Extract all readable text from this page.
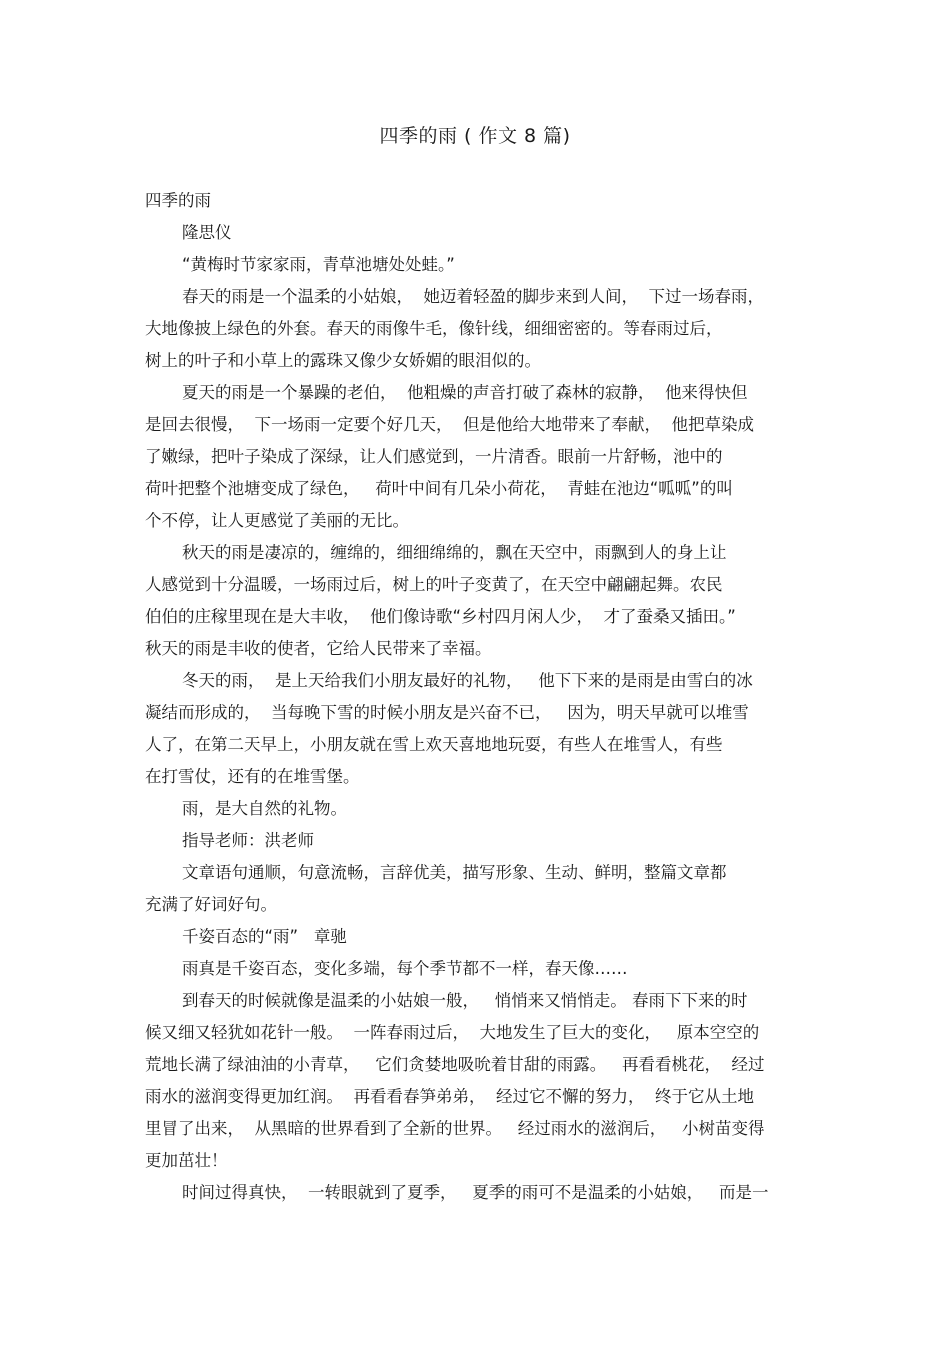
四季的雨 ( 作文 8 篇)
四季的雨
隆思仪
“黄梅时节家家雨，青草池塘处处蛙。”
春天的雨是一个温柔的小姑娘，  她迈着轻盈的脚步来到人间，  下过一场春雨，
大地像披上绿色的外套。春天的雨像牛毛，像针线，细细密密的。等春雨过后，
树上的叶子和小草上的露珠又像少女娇媚的眼泪似的。
夏天的雨是一个暴躁的老伯，  他粗燥的声音打破了森林的寂静，  他来得快但
是回去很慢，  下一场雨一定要个好几天，  但是他给大地带来了奉献，  他把草染成
了嫩绿，把叶子染成了深绿，让人们感觉到，一片清香。眼前一片舒畅，池中的
荷叶把整个池塘变成了绿色，   荷叶中间有几朵小荷花，  青蛙在池边“呱呱”的叫
个不停，让人更感觉了美丽的无比。
秋天的雨是凄凉的，缠绵的，细细绵绵的，飘在天空中，雨飘到人的身上让
人感觉到十分温暖，一场雨过后，树上的叶子变黄了，在天空中翩翩起舞。农民
伯伯的庄稼里现在是大丰收，  他们像诗歌“乡村四月闲人少，  才了蚕桑又插田。”
秋天的雨是丰收的使者，它给人民带来了幸福。
冬天的雨，  是上天给我们小朋友最好的礼物，   他下下来的是雨是由雪白的冰
凝结而形成的，  当每晚下雪的时候小朋友是兴奋不已，   因为，明天早就可以堆雪
人了，在第二天早上，小朋友就在雪上欢天喜地地玩耍，有些人在堆雪人，有些
在打雪仗，还有的在堆雪堡。
雨，是大自然的礼物。
指导老师：洪老师
文章语句通顺，句意流畅，言辞优美，描写形象、生动、鲜明，整篇文章都
充满了好词好句。
千姿百态的“雨”   章驰
雨真是千姿百态，变化多端，每个季节都不一样，春天像……
到春天的时候就像是温柔的小姑娘一般，   悄悄来又悄悄走。 春雨下下来的时
候又细又轻犹如花针一般。  一阵春雨过后，  大地发生了巨大的变化，   原本空空的
荒地长满了绿油油的小青草，   它们贪婪地吸吮着甘甜的雨露。   再看看桃花，  经过
雨水的滋润变得更加红润。  再看看春笋弟弟，  经过它不懈的努力，  终于它从土地
里冒了出来，  从黑暗的世界看到了全新的世界。   经过雨水的滋润后，   小树苗变得
更加茁壮！
时间过得真快，  一转眼就到了夏季，   夏季的雨可不是温柔的小姑娘，   而是一
